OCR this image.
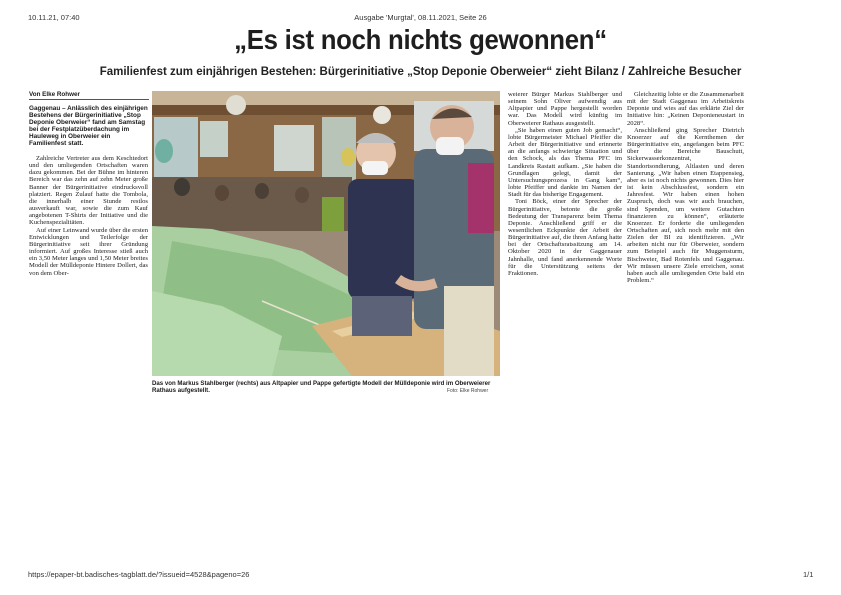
10.11.21, 07:40	Ausgabe 'Murgtal', 08.11.2021, Seite 26
„Es ist noch nichts gewonnen“
Familienfest zum einjährigen Bestehen: Bürgerinitiative „Stop Deponie Oberweier“ zieht Bilanz / Zahlreiche Besucher
Von Elke Rohwer

Gaggenau – Anlässlich des einjährigen Bestehens der Bürgerinitiative „Stop Deponie Oberweier“ fand am Samstag bei der Festplatzüberdachung im Hauleweg in Oberweier ein Familienfest statt.

Zahlreiche Vertreter aus dem Keschtedort und den umliegenden Ortschaften waren dazu gekommen. Bei der Bühne im hinteren Bereich war das zehn auf zehn Meter große Banner der Bürgerinitiative eindrucksvoll platziert. Regen Zulauf hatte die Tombola, die innerhalb einer Stunde restlos ausverkauft war, sowie die zum Kauf angebotenen T-Shirts der Initiative und die Kuchenspezialitäten.

Auf einer Leinwand wurde über die ersten Entwicklungen und Teilerfolge der Bürgerinitiative seit ihrer Gründung informiert. Auf großes Interesse stieß auch ein 3,50 Meter langes und 1,50 Meter breites Modell der Mülldeponie Hintere Dollert, das von dem Ober-

Das von Markus Stahlberger (rechts) aus Altpapier und Pappe gefertigte Modell der Mülldeponie wird im Oberweierer Rathaus aufgestellt.	Foto: Elke Rohwer

weierer Bürger Markus Stahlberger und seinem Sohn Oliver aufwendig aus Altpapier und Pappe hergestellt worden war. Das Modell wird künftig im Oberweierer Rathaus ausgestellt.

„Sie haben einen guten Job gemacht“, lobte Bürgermeister Michael Pfeiffer die Arbeit der Bürgerinitiative und erinnerte an die anfangs schwierige Situation und den Schock, als das Thema PFC im Landkreis Rastatt aufkam. „Sie haben die Grundlagen gelegt, damit der Untersuchungsprozess in Gang kam“, lobte Pfeiffer und dankte im Namen der Stadt für das bisherige Engagement.

Toni Böck, einer der Sprecher der Bürgerinitiative, betonte die große Bedeutung der Transparenz beim Thema Deponie. Anschließend griff er die wesentlichen Eckpunkte der Arbeit der Bürgerinitiative auf, die ihren Anfang hatte bei der Ortschaftsratssitzung am 14. Oktober 2020 in der Gaggenauer Jahnhalle, und fand anerkennende Worte für die Unterstützung seitens der Fraktionen.

Gleichzeitig lobte er die Zusammenarbeit mit der Stadt Gaggenau im Arbeitskreis Deponie und wies auf das erklärte Ziel der Initiative hin: „Keinen Deponieneustart in 2028“.

Anschließend ging Sprecher Dietrich Knoerzer auf die Kernthemen der Bürgerinitiative ein, angefangen beim PFC über die Bereiche Bauschutt, Sickerwasserkonzentrat, Standortsondierung, Altlasten und deren Sanierung. „Wir haben einen Etappensieg, aber es ist noch nichts gewonnen. Dies hier ist kein Abschlussfest, sondern ein Jahresfest. Wir haben einen hohen Zuspruch, doch was wir auch brauchen, sind Spenden, um weitere Gutachten finanzieren zu können“, erläuterte Knoerzer. Er forderte die umliegenden Ortschaften auf, sich noch mehr mit den Zielen der BI zu identifizieren. „Wir arbeiten nicht nur für Oberweier, sondern zum Beispiel auch für Muggensturm, Bischweier, Bad Rotenfels und Gaggenau. Wir müssen unsere Ziele erreichen, sonst haben auch alle umliegenden Orte bald ein Problem.“

https://epaper-bt.badisches-tagblatt.de/?issueid=4528&pageno=26	1/1
